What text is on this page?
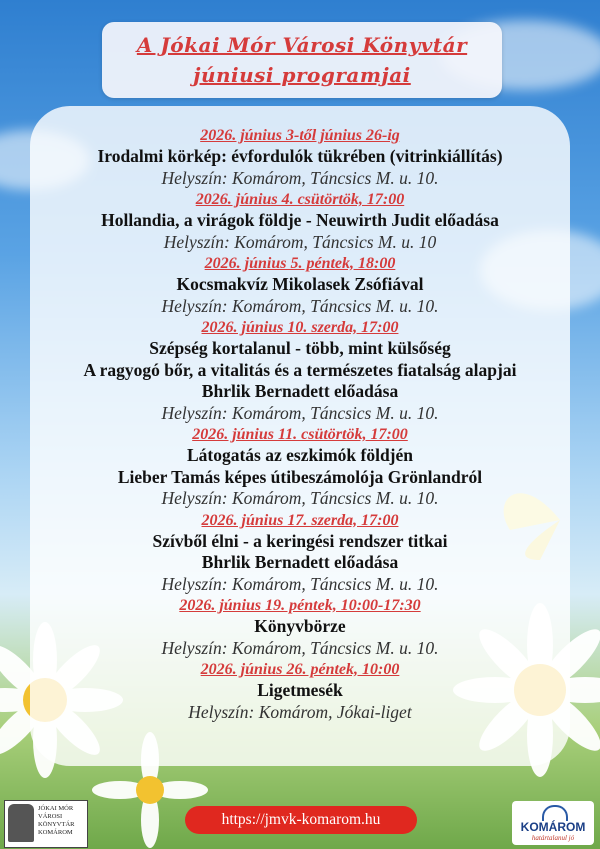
A Jókai Mór Városi Könyvtár
júniusi programjai
2026. június 3-től június 26-ig
Irodalmi körkép: évfordulók tükrében (vitrinkiállítás)
Helyszín: Komárom, Táncsics M. u. 10.
2026. június 4. csütörtök, 17:00
Hollandia, a virágok földje - Neuwirth Judit előadása
Helyszín: Komárom, Táncsics M. u. 10
2026. június 5. péntek, 18:00
Kocsmakvíz Mikolasek Zsófiával
Helyszín: Komárom, Táncsics M. u. 10.
2026. június 10. szerda, 17:00
Szépség kortalanul - több, mint külsőség
A ragyogó bőr, a vitalitás és a természetes fiatalság alapjai
Bhrlik Bernadett előadása
Helyszín: Komárom, Táncsics M. u. 10.
2026. június 11. csütörtök, 17:00
Látogatás az eszkimók földjén
Lieber Tamás képes útibeszámolója Grönlandról
Helyszín: Komárom, Táncsics M. u. 10.
2026. június 17. szerda, 17:00
Szívből élni - a keringési rendszer titkai
Bhrlik Bernadett előadása
Helyszín: Komárom, Táncsics M. u. 10.
2026. június 19. péntek, 10:00-17:30
Könyvbörze
Helyszín: Komárom, Táncsics M. u. 10.
2026. június 26. péntek, 10:00
Ligetmesék
Helyszín: Komárom, Jókai-liget
JÓKAI MÓR
VÁROSI
KÖNYVTÁR
KOMÁROM
https://jmvk-komarom.hu	KOMÁROM
határtalanul jó
